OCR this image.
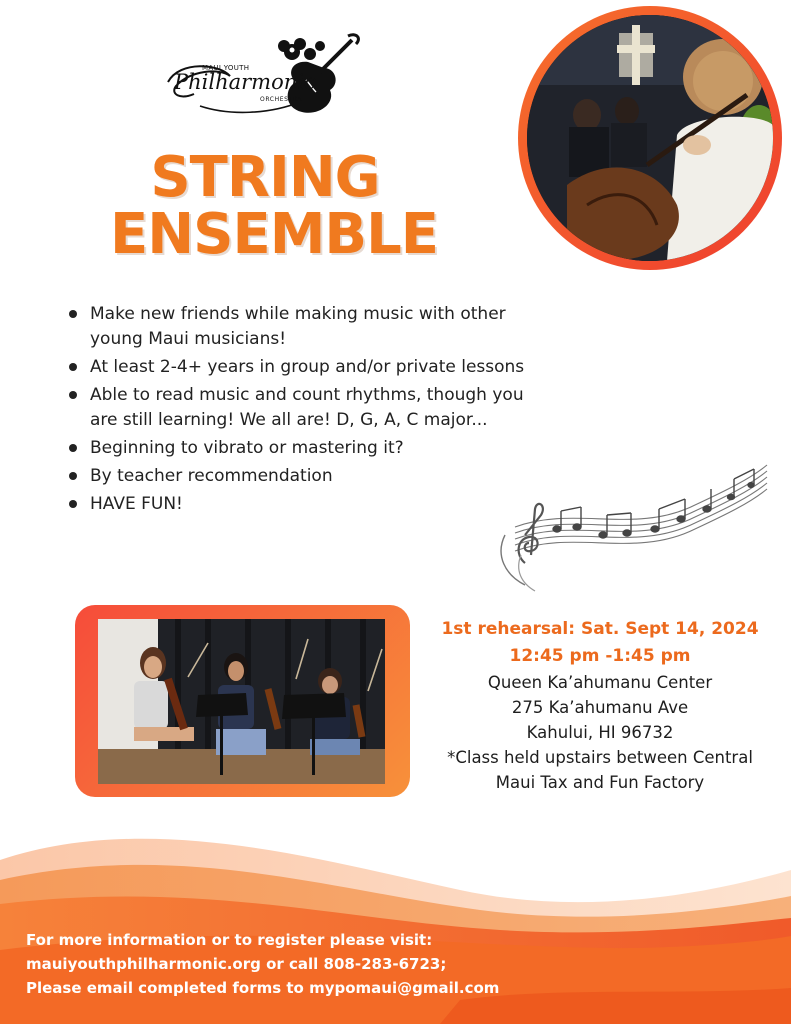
MAUI YOUTH
Philharmonic
ORCHESTRA
STRING
ENSEMBLE
Make new friends while making music with other young Maui musicians!
At least 2-4+ years in group and/or private lessons
Able to read music and count rhythms, though you are still learning! We all are! D, G, A, C major...
Beginning to vibrato or mastering it?
By teacher recommendation
HAVE FUN!
1st rehearsal: Sat. Sept 14, 2024
12:45 pm -1:45 pm
Queen Ka’ahumanu Center
275 Ka’ahumanu Ave
Kahului, HI 96732
*Class held upstairs between Central
Maui Tax and Fun Factory
For more information or to register please visit:
mauiyouthphilharmonic.org or call 808-283-6723;
Please email completed forms to mypomaui@gmail.com
